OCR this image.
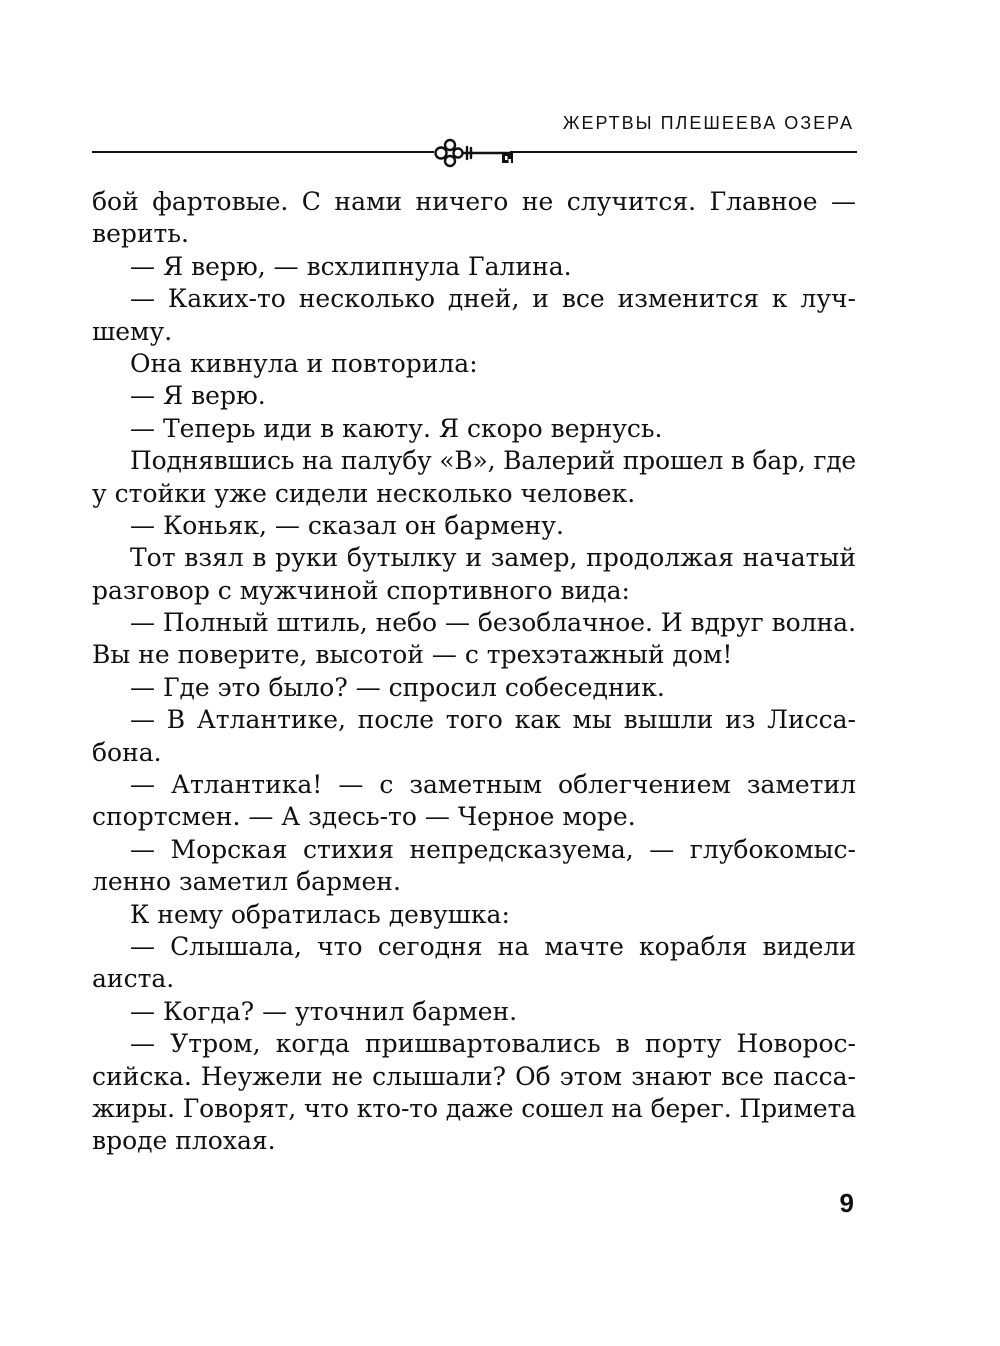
ЖЕРТВЫ ПЛЕШЕЕВА ОЗЕРА
бой фартовые. С нами ничего не случится. Главное —
верить.
— Я верю, — всхлипнула Галина.
— Каких-то несколько дней, и все изменится к луч-
шему.
Она кивнула и повторила:
— Я верю.
— Теперь иди в каюту. Я скоро вернусь.
Поднявшись на палубу «В», Валерий прошел в бар, где
у стойки уже сидели несколько человек.
— Коньяк, — сказал он бармену.
Тот взял в руки бутылку и замер, продолжая начатый
разговор с мужчиной спортивного вида:
— Полный штиль, небо — безоблачное. И вдруг волна.
Вы не поверите, высотой — с трехэтажный дом!
— Где это было? — спросил собеседник.
— В Атлантике, после того как мы вышли из Лисса-
бона.
— Атлантика! — с заметным облегчением заметил
спортсмен. — А здесь-то — Черное море.
— Морская стихия непредсказуема, — глубокомыс-
ленно заметил бармен.
К нему обратилась девушка:
— Слышала, что сегодня на мачте корабля видели
аиста.
— Когда? — уточнил бармен.
— Утром, когда пришвартовались в порту Новорос-
сийска. Неужели не слышали? Об этом знают все пасса-
жиры. Говорят, что кто-то даже сошел на берег. Примета
вроде плохая.
9
